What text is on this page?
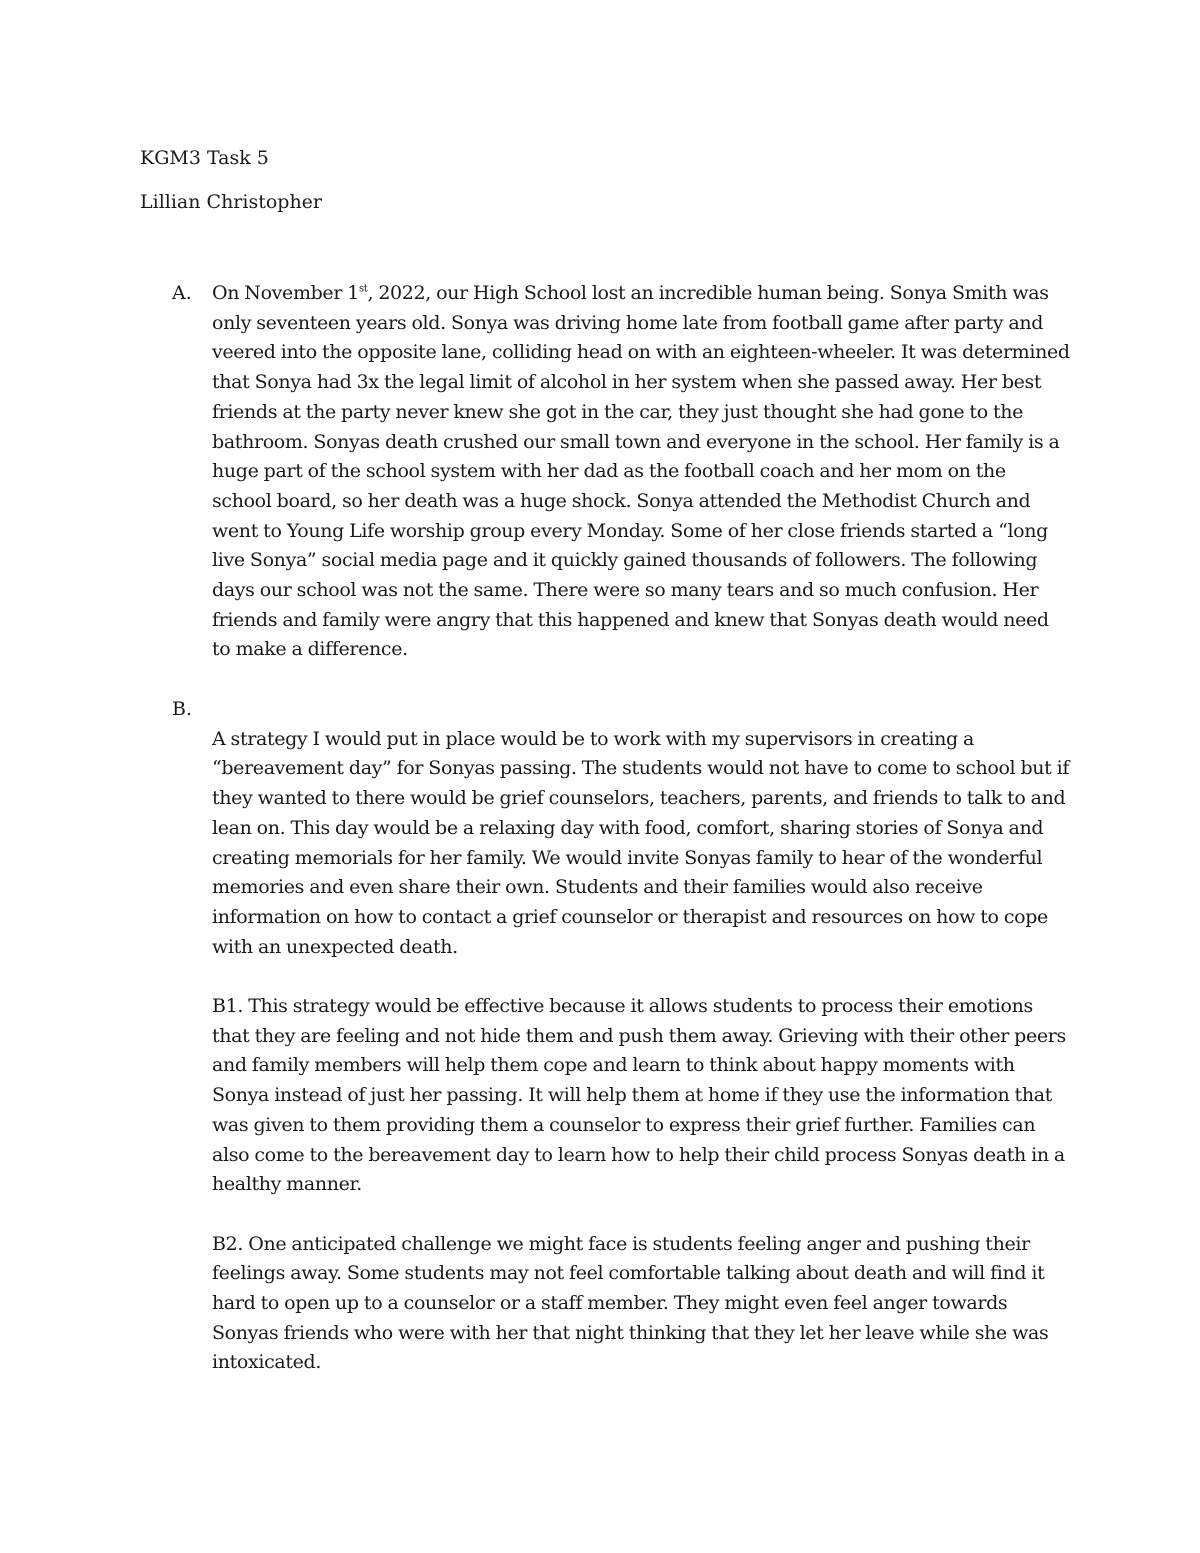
KGM3 Task 5
Lillian Christopher
A. On November 1st, 2022, our High School lost an incredible human being. Sonya Smith was only seventeen years old. Sonya was driving home late from football game after party and veered into the opposite lane, colliding head on with an eighteen-wheeler. It was determined that Sonya had 3x the legal limit of alcohol in her system when she passed away. Her best friends at the party never knew she got in the car, they just thought she had gone to the bathroom. Sonyas death crushed our small town and everyone in the school. Her family is a huge part of the school system with her dad as the football coach and her mom on the school board, so her death was a huge shock. Sonya attended the Methodist Church and went to Young Life worship group every Monday. Some of her close friends started a “long live Sonya” social media page and it quickly gained thousands of followers. The following days our school was not the same. There were so many tears and so much confusion. Her friends and family were angry that this happened and knew that Sonyas death would need to make a difference.
B.
A strategy I would put in place would be to work with my supervisors in creating a “bereavement day” for Sonyas passing. The students would not have to come to school but if they wanted to there would be grief counselors, teachers, parents, and friends to talk to and lean on. This day would be a relaxing day with food, comfort, sharing stories of Sonya and creating memorials for her family. We would invite Sonyas family to hear of the wonderful memories and even share their own. Students and their families would also receive information on how to contact a grief counselor or therapist and resources on how to cope with an unexpected death.
B1. This strategy would be effective because it allows students to process their emotions that they are feeling and not hide them and push them away. Grieving with their other peers and family members will help them cope and learn to think about happy moments with Sonya instead of just her passing. It will help them at home if they use the information that was given to them providing them a counselor to express their grief further. Families can also come to the bereavement day to learn how to help their child process Sonyas death in a healthy manner.
B2. One anticipated challenge we might face is students feeling anger and pushing their feelings away. Some students may not feel comfortable talking about death and will find it hard to open up to a counselor or a staff member. They might even feel anger towards Sonyas friends who were with her that night thinking that they let her leave while she was intoxicated.
